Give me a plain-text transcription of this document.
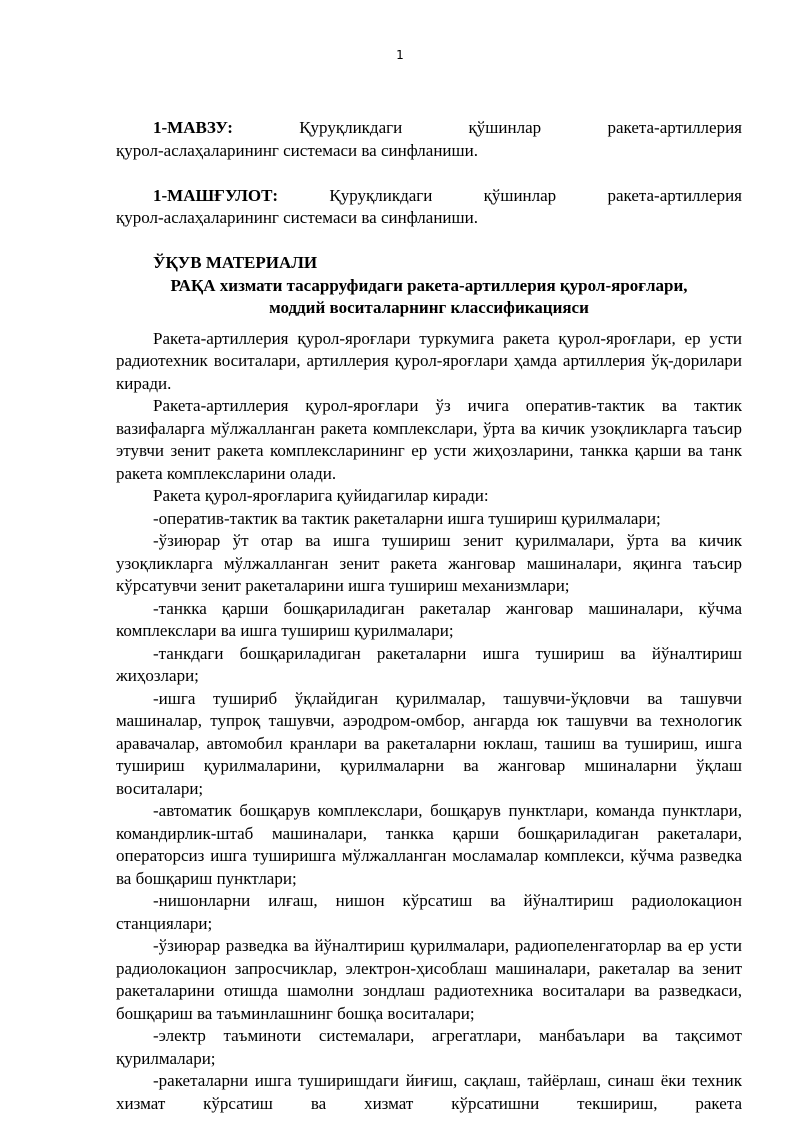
1

1-МАВЗУ:	Қуруқликдаги қўшинлар ракета-артиллерия

қурол-аслаҳаларининг системаси ва синфланиши.

1-МАШҒУЛОТ:	Қуруқликдаги қўшинлар ракета-артиллерия

қурол-аслаҳаларининг системаси ва синфланиши.

ЎҚУВ МАТЕРИАЛИ

РАҚА хизмати тасарруфидаги ракета-артиллерия қурол-яроғлари,

моддий воситаларнинг классификацияси

Ракета-артиллерия қурол-яроғлари туркумига ракета қурол-яроғлари, ер усти радиотехник воситалари, артиллерия қурол-яроғлари ҳамда артиллерия ўқ-дорилари киради.

Ракета-артиллерия қурол-яроғлари ўз ичига оператив-тактик ва тактик вазифаларга мўлжалланган ракета комплекслари, ўрта ва кичик узоқликларга таъсир этувчи зенит ракета комплексларининг ер усти жиҳозларини, танкка қарши ва танк ракета комплексларини олади.

Ракета қурол-яроғларига қуйидагилар киради:

-оператив-тактик ва тактик ракеталарни ишга тушириш қурилмалари;

-ўзиюрар ўт отар ва ишга тушириш зенит қурилмалари, ўрта ва кичик узоқликларга мўлжалланган зенит ракета жанговар машиналари, яқинга таъсир кўрсатувчи зенит ракеталарини ишга тушириш механизмлари;

-танкка қарши бошқариладиган ракеталар жанговар машиналари, кўчма комплекслари ва ишга тушириш қурилмалари;

-танкдаги бошқариладиган ракеталарни ишга тушириш ва йўналтириш жиҳозлари;

-ишга тушириб ўқлайдиган қурилмалар, ташувчи-ўқловчи ва ташувчи машиналар, тупроқ ташувчи, аэродром-омбор, ангарда юк ташувчи ва технологик аравачалар, автомобил кранлари ва ракеталарни юклаш, ташиш ва тушириш, ишга тушириш қурилмаларини, қурилмаларни ва жанговар мшиналарни ўқлаш воситалари;

-автоматик бошқарув комплекслари, бошқарув пунктлари, команда пунктлари, командирлик-штаб машиналари, танкка қарши бошқариладиган ракеталари, операторсиз ишга туширишга мўлжалланган мосламалар комплекси, кўчма разведка ва бошқариш пунктлари;

-нишонларни илғаш, нишон кўрсатиш ва йўналтириш радиолокацион станциялари;

-ўзиюрар разведка ва йўналтириш қурилмалари, радиопеленгаторлар ва ер усти радиолокацион запросчиклар, электрон-ҳисоблаш машиналари, ракеталар ва зенит ракеталарини отишда шамолни зондлаш радиотехника воситалари ва разведкаси, бошқариш ва таъминлашнинг бошқа воситалари;

-электр таъминоти системалари, агрегатлари, манбаълари ва тақсимот қурилмалари;

-ракеталарни ишга туширишдаги йиғиш, сақлаш, тайёрлаш, синаш ёки техник хизмат кўрсатиш ва хизмат кўрсатишни текшириш, ракета
